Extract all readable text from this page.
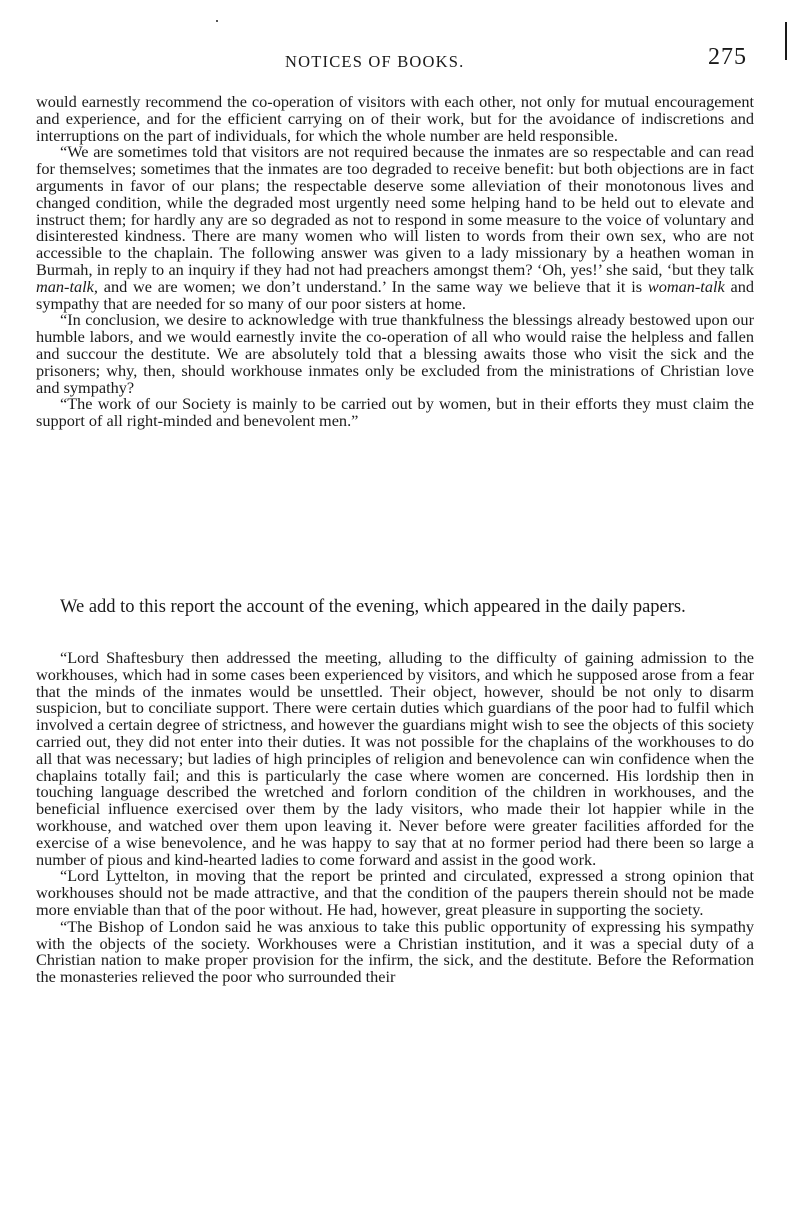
NOTICES OF BOOKS.	275

would earnestly recommend the co-operation of visitors with each other, not only for mutual encouragement and experience, and for the efficient carrying on of their work, but for the avoidance of indiscretions and interruptions on the part of individuals, for which the whole number are held responsible.

“We are sometimes told that visitors are not required because the inmates are so respectable and can read for themselves; sometimes that the inmates are too degraded to receive benefit: but both objections are in fact arguments in favor of our plans; the respectable deserve some alleviation of their monotonous lives and changed condition, while the degraded most urgently need some helping hand to be held out to elevate and instruct them; for hardly any are so degraded as not to respond in some measure to the voice of voluntary and disinterested kindness. There are many women who will listen to words from their own sex, who are not accessible to the chaplain. The following answer was given to a lady missionary by a heathen woman in Burmah, in reply to an inquiry if they had not had preachers amongst them? ‘Oh, yes!’ she said, ‘but they talk man-talk, and we are women; we don’t understand.’ In the same way we believe that it is woman-talk and sympathy that are needed for so many of our poor sisters at home.

“In conclusion, we desire to acknowledge with true thankfulness the blessings already bestowed upon our humble labors, and we would earnestly invite the co-operation of all who would raise the helpless and fallen and succour the destitute. We are absolutely told that a blessing awaits those who visit the sick and the prisoners; why, then, should workhouse inmates only be excluded from the ministrations of Christian love and sympathy?

“The work of our Society is mainly to be carried out by women, but in their efforts they must claim the support of all right-minded and benevolent men.”

We add to this report the account of the evening, which appeared in the daily papers.

“Lord Shaftesbury then addressed the meeting, alluding to the difficulty of gaining admission to the workhouses, which had in some cases been experienced by visitors, and which he supposed arose from a fear that the minds of the inmates would be unsettled. Their object, however, should be not only to disarm suspicion, but to conciliate support. There were certain duties which guardians of the poor had to fulfil which involved a certain degree of strictness, and however the guardians might wish to see the objects of this society carried out, they did not enter into their duties. It was not possible for the chaplains of the workhouses to do all that was necessary; but ladies of high principles of religion and benevolence can win confidence when the chaplains totally fail; and this is particularly the case where women are concerned. His lordship then in touching language described the wretched and forlorn condition of the children in workhouses, and the beneficial influence exercised over them by the lady visitors, who made their lot happier while in the workhouse, and watched over them upon leaving it. Never before were greater facilities afforded for the exercise of a wise benevolence, and he was happy to say that at no former period had there been so large a number of pious and kind-hearted ladies to come forward and assist in the good work.

“Lord Lyttelton, in moving that the report be printed and circulated, expressed a strong opinion that workhouses should not be made attractive, and that the condition of the paupers therein should not be made more enviable than that of the poor without. He had, however, great pleasure in supporting the society.

“The Bishop of London said he was anxious to take this public opportunity of expressing his sympathy with the objects of the society. Workhouses were a Christian institution, and it was a special duty of a Christian nation to make proper provision for the infirm, the sick, and the destitute. Before the Reformation the monasteries relieved the poor who surrounded their
